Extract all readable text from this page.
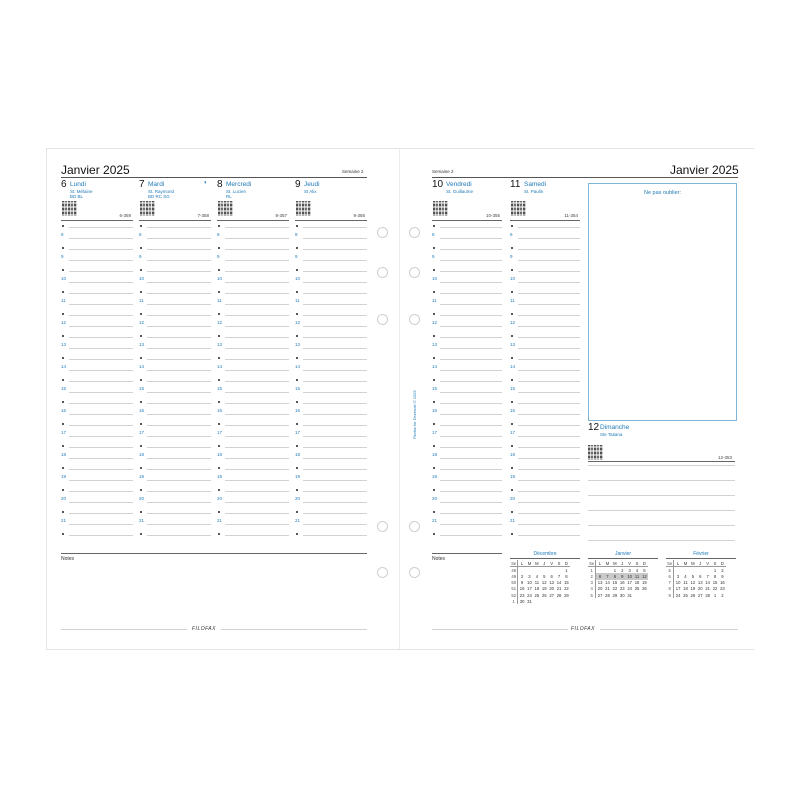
Janvier 2025	Semaine 2
Notes
FILOFAX
6 Lundi
St. Mélaine
BD BL
6-359
8
9
10
11
12
13
14
15
16
17
18
19
20
21
7 Mardi
St. Raymond
BD RC SG
◑
7-358
8
9
10
11
12
13
14
15
16
17
18
19
20
21
8 Mercredi
St. Lucien
RL
8-357
8
9
10
11
12
13
14
15
16
17
18
19
20
21
9 Jeudi
St Alix
9-356
8
9
10
11
12
13
14
15
16
17
18
19
20
21
Semaine 2	Janvier 2025
Ne pas oublier:
12 Dimanche
Ste Tatiana
12-353
Filofax for Dezende © 2025
Notes
FILOFAX
10 Vendredi
St. Guillaume
10-355
8
9
10
11
12
13
14
15
16
17
18
19
20
21
11 Samedi
St. Paulin
11-354
8
9
10
11
12
13
14
15
16
17
18
19
20
21
Décembre
Se	L	M	M	J	V	S	D
48							1
49	2	3	4	5	6	7	8
50	9	10	11	12	13	14	15
51	16	17	18	19	20	21	22
52	23	24	25	26	27	28	29
1	30	31					
Janvier
Se	L	M	M	J	V	S	D
1			1	2	3	4	5
2	6	7	8	9	10	11	12
3	13	14	15	16	17	18	19
4	20	21	22	23	24	25	26
5	27	28	29	30	31		
Février
Se	L	M	M	J	V	S	D
5						1	2
6	3	4	5	6	7	8	9
7	10	11	12	13	14	15	16
8	17	18	19	20	21	22	23
9	24	25	26	27	28	1	2
